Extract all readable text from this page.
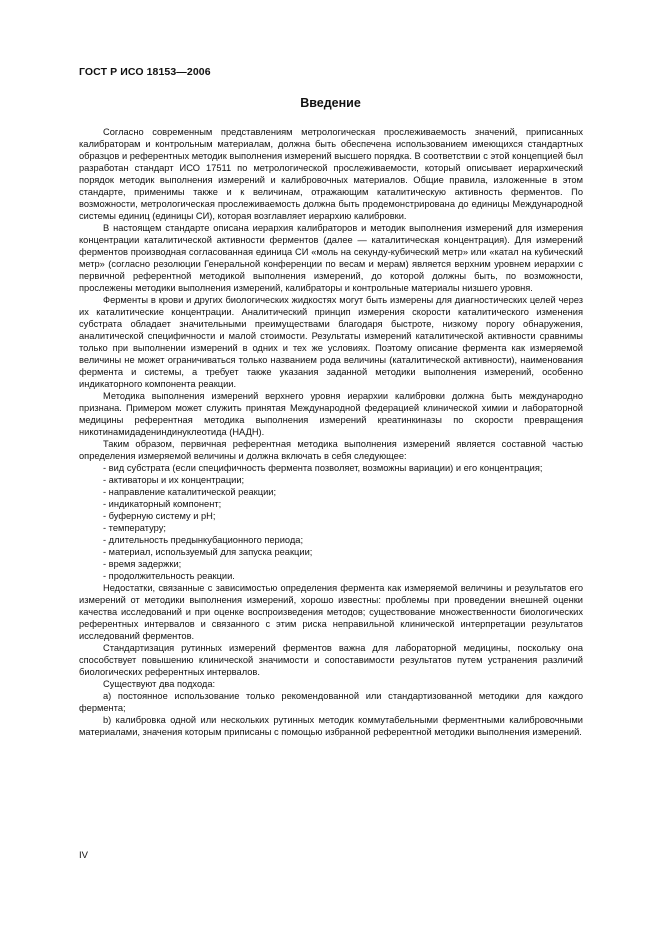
ГОСТ Р ИСО 18153—2006
Введение

Согласно современным представлениям метрологическая прослеживаемость значений, приписанных калибраторам и контрольным материалам, должна быть обеспечена использованием имеющихся стандартных образцов и референтных методик выполнения измерений высшего порядка. В соответствии с этой концепцией был разработан стандарт ИСО 17511 по метрологической прослеживаемости, который описывает иерархический порядок методик выполнения измерений и калибровочных материалов. Общие правила, изложенные в этом стандарте, применимы также и к величинам, отражающим каталитическую активность ферментов. По возможности, метрологическая прослеживаемость должна быть продемонстрирована до единицы Международной системы единиц (единицы СИ), которая возглавляет иерархию калибровки.

В настоящем стандарте описана иерархия калибраторов и методик выполнения измерений для измерения концентрации каталитической активности ферментов (далее — каталитическая концентрация). Для измерений ферментов производная согласованная единица СИ «моль на секунду-кубический метр» или «катал на кубический метр» (согласно резолюции Генеральной конференции по весам и мерам) является верхним уровнем иерархии с первичной референтной методикой выполнения измерений, до которой должны быть, по возможности, прослежены методики выполнения измерений, калибраторы и контрольные материалы низшего уровня.

Ферменты в крови и других биологических жидкостях могут быть измерены для диагностических целей через их каталитические концентрации. Аналитический принцип измерения скорости каталитического изменения субстрата обладает значительными преимуществами благодаря быстроте, низкому порогу обнаружения, аналитической специфичности и малой стоимости. Результаты измерений каталитической активности сравнимы только при выполнении измерений в одних и тех же условиях. Поэтому описание фермента как измеряемой величины не может ограничиваться только названием рода величины (каталитической активности), наименования фермента и системы, а требует также указания заданной методики выполнения измерений, особенно индикаторного компонента реакции.

Методика выполнения измерений верхнего уровня иерархии калибровки должна быть международно признана. Примером может служить принятая Международной федерацией клинической химии и лабораторной медицины референтная методика выполнения измерений креатинкиназы по скорости превращения никотинамидадениндинуклеотида (НАДН).

Таким образом, первичная референтная методика выполнения измерений является составной частью определения измеряемой величины и должна включать в себя следующее:

- вид субстрата (если специфичность фермента позволяет, возможны вариации) и его концентрация;

- активаторы и их концентрации;

- направление каталитической реакции;

- индикаторный компонент;

- буферную систему и pH;

- температуру;

- длительность предынкубационного периода;

- материал, используемый для запуска реакции;

- время задержки;

- продолжительность реакции.

Недостатки, связанные с зависимостью определения фермента как измеряемой величины и результатов его измерений от методики выполнения измерений, хорошо известны: проблемы при проведении внешней оценки качества исследований и при оценке воспроизведения методов; существование множественности биологических референтных интервалов и связанного с этим риска неправильной клинической интерпретации результатов исследований ферментов.

Стандартизация рутинных измерений ферментов важна для лабораторной медицины, поскольку она способствует повышению клинической значимости и сопоставимости результатов путем устранения различий биологических референтных интервалов.

Существуют два подхода:

а) постоянное использование только рекомендованной или стандартизованной методики для каждого фермента;

b) калибровка одной или нескольких рутинных методик коммутабельными ферментными калибровочными материалами, значения которым приписаны с помощью избранной референтной методики выполнения измерений.

IV
